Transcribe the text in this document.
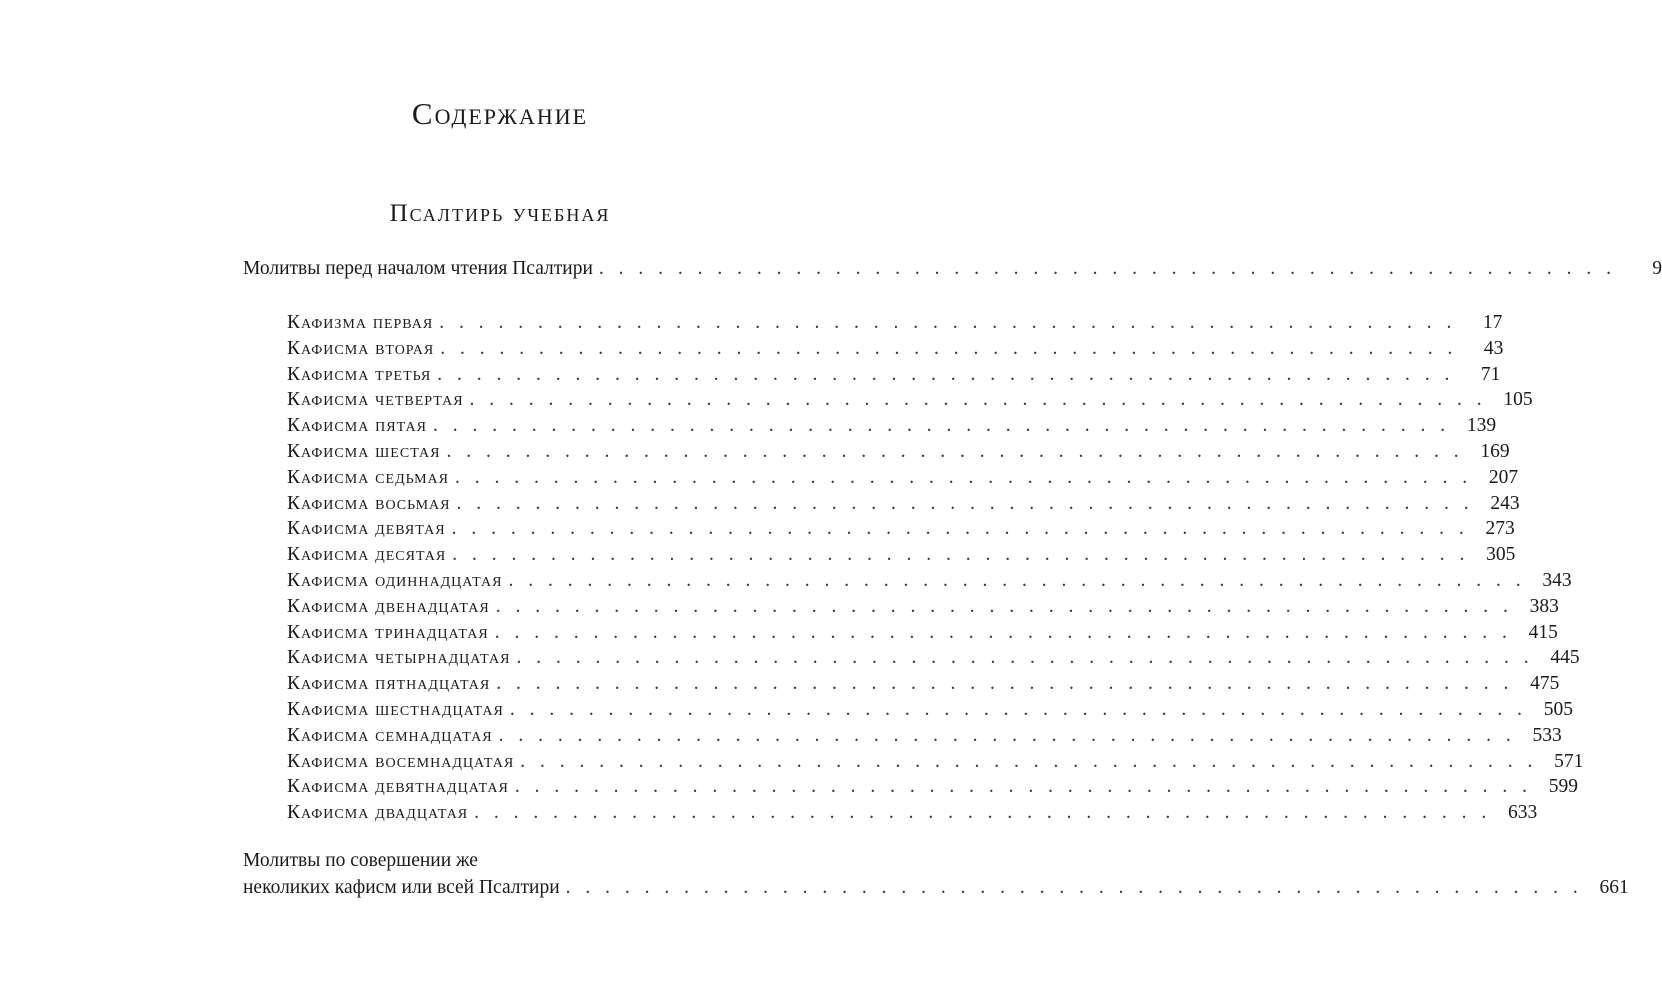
Содержание
Псалтирь учебная
Молитвы перед началом чтения Псалтири . . . . . . . . . . . . . . . . . . . . . . . . . . . . . . . . . . . . . . . . . . . . . . . . . . . .	9
Кафизма первая . . . . . . . . . . . . . . . . . . . . . . . . . . . . . . . . . . . . . . . . . . . . . . . . . . . .	17
Кафисма вторая . . . . . . . . . . . . . . . . . . . . . . . . . . . . . . . . . . . . . . . . . . . . . . . . . . . .	43
Кафисма третья . . . . . . . . . . . . . . . . . . . . . . . . . . . . . . . . . . . . . . . . . . . . . . . . . . . .	71
Кафисма четвертая . . . . . . . . . . . . . . . . . . . . . . . . . . . . . . . . . . . . . . . . . . . . . . . . . . . . 105
Кафисма пятая . . . . . . . . . . . . . . . . . . . . . . . . . . . . . . . . . . . . . . . . . . . . . . . . . . . . 139
Кафисма шестая . . . . . . . . . . . . . . . . . . . . . . . . . . . . . . . . . . . . . . . . . . . . . . . . . . . . 169
Кафисма седьмая . . . . . . . . . . . . . . . . . . . . . . . . . . . . . . . . . . . . . . . . . . . . . . . . . . . . 207
Кафисма восьмая . . . . . . . . . . . . . . . . . . . . . . . . . . . . . . . . . . . . . . . . . . . . . . . . . . . . 243
Кафисма девятая . . . . . . . . . . . . . . . . . . . . . . . . . . . . . . . . . . . . . . . . . . . . . . . . . . . . 273
Кафисма десятая . . . . . . . . . . . . . . . . . . . . . . . . . . . . . . . . . . . . . . . . . . . . . . . . . . . . 305
Кафисма одиннадцатая . . . . . . . . . . . . . . . . . . . . . . . . . . . . . . . . . . . . . . . . . . . . . . . . . . . . 343
Кафисма двенадцатая . . . . . . . . . . . . . . . . . . . . . . . . . . . . . . . . . . . . . . . . . . . . . . . . . . . . 383
Кафисма тринадцатая . . . . . . . . . . . . . . . . . . . . . . . . . . . . . . . . . . . . . . . . . . . . . . . . . . . . 415
Кафисма четырнадцатая . . . . . . . . . . . . . . . . . . . . . . . . . . . . . . . . . . . . . . . . . . . . . . . . . . . . 445
Кафисма пятнадцатая . . . . . . . . . . . . . . . . . . . . . . . . . . . . . . . . . . . . . . . . . . . . . . . . . . . . 475
Кафисма шестнадцатая . . . . . . . . . . . . . . . . . . . . . . . . . . . . . . . . . . . . . . . . . . . . . . . . . . . . 505
Кафисма семнадцатая . . . . . . . . . . . . . . . . . . . . . . . . . . . . . . . . . . . . . . . . . . . . . . . . . . . . 533
Кафисма восемнадцатая . . . . . . . . . . . . . . . . . . . . . . . . . . . . . . . . . . . . . . . . . . . . . . . . . . . . 571
Кафисма девятнадцатая . . . . . . . . . . . . . . . . . . . . . . . . . . . . . . . . . . . . . . . . . . . . . . . . . . . . 599
Кафисма двадцатая . . . . . . . . . . . . . . . . . . . . . . . . . . . . . . . . . . . . . . . . . . . . . . . . . . . . 633
Молитвы по совершении же
неколиких кафисм или всей Псалтири . . . . . . . . . . . . . . . . . . . . . . . . . . . . . . . . . . . . . . . . . . . . . . . . . . . . 661
